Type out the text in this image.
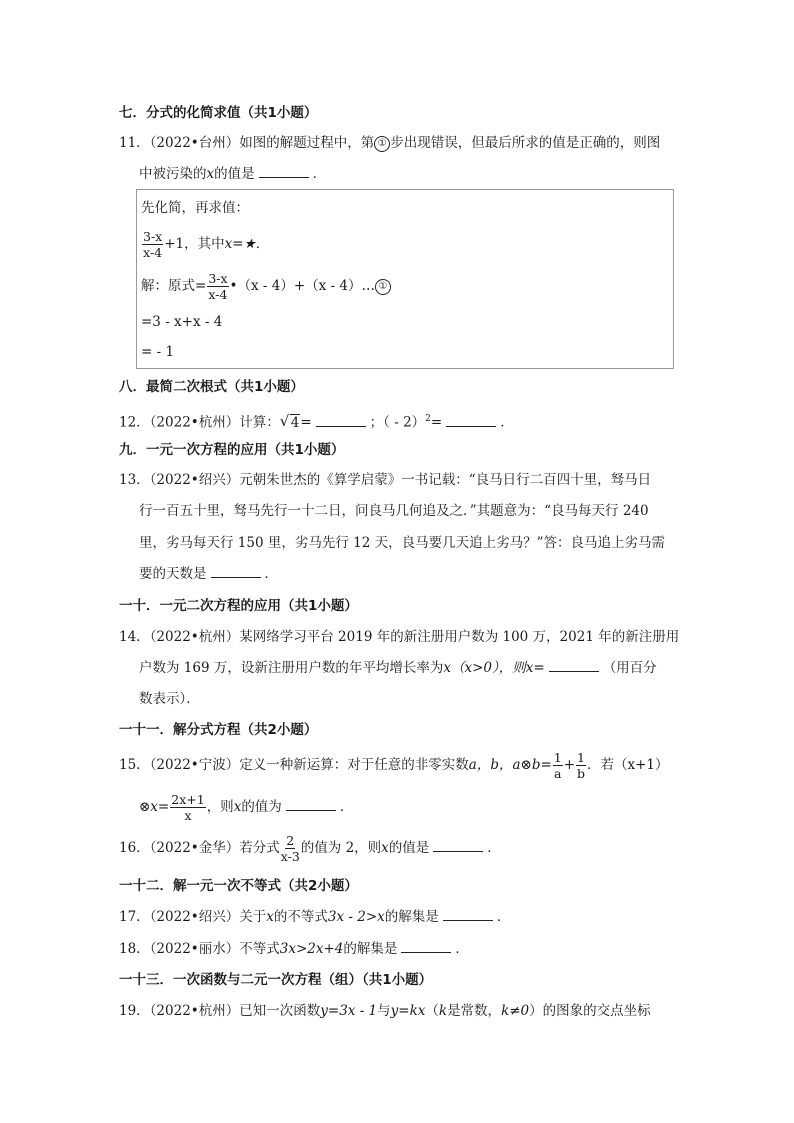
七．分式的化简求值（共1小题）
11．（2022•台州）如图的解题过程中，第 ① 步出现错误，但最后所求的值是正确的，则图
中被污染的x的值是	．
先化简，再求值：
$\frac{3-x}{x-4} +1$，其中x=★．
解：原式= $\frac{3-x}{x-4}$ •（x - 4）+（x - 4）… ①
=3 - x+x - 4
= - 1
八．最简二次根式（共1小题）
12．（2022•杭州）计算： √ 4=	；（ - 2）$^2$=	．
九．一元一次方程的应用（共1小题）
13．（2022•绍兴）元朝朱世杰的《算学启蒙》一书记载：“良马日行二百四十里，驽马日
行一百五十里，驽马先行一十二日，问良马几何追及之．”其题意为：“良马每天行 240
里，劣马每天行 150 里，劣马先行 12 天，良马要几天追上劣马？”答：良马追上劣马需
要的天数是	．
一十．一元二次方程的应用（共1小题）
14．（2022•杭州）某网络学习平台 2019 年的新注册用户数为 100 万，2021 年的新注册用
户数为 169 万，设新注册用户数的年平均增长率为x（x>0），则x=	（用百分
数表示）．
一十一．解分式方程（共2小题）
15．（2022•宁波）定义一种新运算：对于任意的非零实数a，b，a⊗b= $\frac{1}{a} + \frac{1}{b}$ ．若（x+1）
⊗x= $\frac{2x+1}{x}$ ，则x的值为	．
16．（2022•金华）若分式 $\frac{2}{x-3}$ 的值为 2，则x的值是	．
一十二．解一元一次不等式（共2小题）
17．（2022•绍兴）关于x的不等式3x - 2>x的解集是	．
18．（2022•丽水）不等式3x>2x+4的解集是	．
一十三．一次函数与二元一次方程（组）（共1小题）
19．（2022•杭州）已知一次函数y=3x - 1与y=kx（k是常数，k≠0）的图象的交点坐标
